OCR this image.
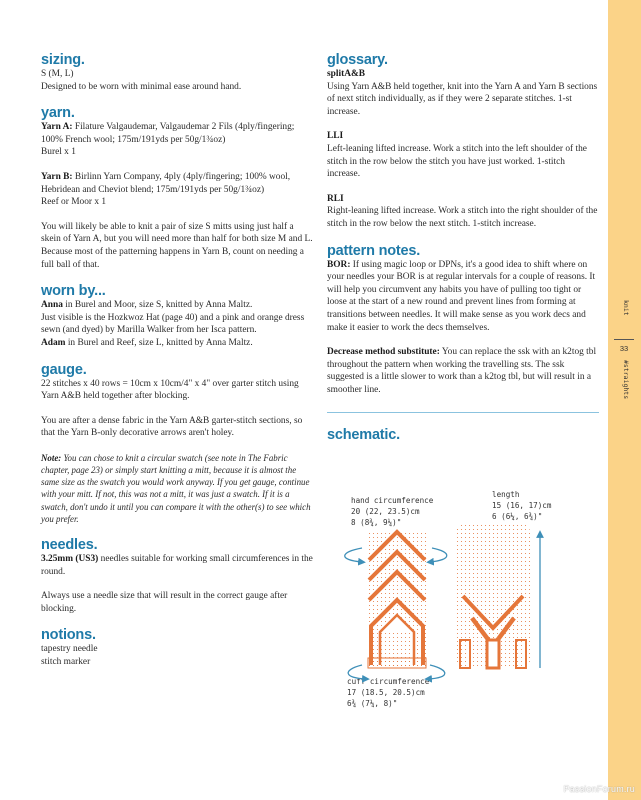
sizing.

S (M, L)

Designed to be worn with minimal ease around hand.

yarn.

Yarn A: Filature Valgaudemar, Valgaudemar 2 Fils (4ply/fingering; 100% French wool; 175m/191yds per 50g/1¾oz)

Burel x 1

Yarn B: Birlinn Yarn Company, 4ply (4ply/fingering; 100% wool, Hebridean and Cheviot blend; 175m/191yds per 50g/1¾oz)

Reef or Moor x 1

You will likely be able to knit a pair of size S mitts using just half a skein of Yarn A, but you will need more than half for both size M and L. Because most of the patterning happens in Yarn B, count on needing a full ball of that.

worn by...

Anna in Burel and Moor, size S, knitted by Anna Maltz.

Just visible is the Hozkwoz Hat (page 40) and a pink and orange dress sewn (and dyed) by Marilla Walker from her Isca pattern.

Adam in Burel and Reef, size L, knitted by Anna Maltz.

gauge.

22 stitches x 40 rows = 10cm x 10cm/4" x 4" over garter stitch using Yarn A&B held together after blocking.

You are after a dense fabric in the Yarn A&B garter-stitch sections, so that the Yarn B-only decorative arrows aren't holey.

Note: You can chose to knit a circular swatch (see note in The Fabric chapter, page 23) or simply start knitting a mitt, because it is almost the same size as the swatch you would work anyway. If you get gauge, continue with your mitt. If not, this was not a mitt, it was just a swatch. If it is a swatch, don't undo it until you can compare it with the other(s) to see which you prefer.

needles.

3.25mm (US3) needles suitable for working small circumferences in the round.

Always use a needle size that will result in the correct gauge after blocking.

notions.

tapestry needle

stitch marker

glossary.

splitA&B

Using Yarn A&B held together, knit into the Yarn A and Yarn B sections of next stitch individually, as if they were 2 separate stitches. 1-st increase.

LLI

Left-leaning lifted increase. Work a stitch into the left shoulder of the stitch in the row below the stitch you have just worked. 1-stitch increase.

RLI

Right-leaning lifted increase. Work a stitch into the right shoulder of the stitch in the row below the next stitch. 1-stitch increase.

pattern notes.

BOR: If using magic loop or DPNs, it's a good idea to shift where on your needles your BOR is at regular intervals for a couple of reasons. It will help you circumvent any habits you have of pulling too tight or loose at the start of a new round and prevent lines from forming at transitions between needles. It will make sense as you work decs and make it easier to work the decs themselves.

Decrease method substitute: You can replace the ssk with an k2tog tbl throughout the pattern when working the travelling sts. The ssk suggested is a little slower to work than a k2tog tbl, but will result in a smoother line.

schematic.
hand circumference
20 (22, 23.5)cm
8 (8¾, 9¼)"
length
15 (16, 17)cm
6 (6¼, 6¾)"
cuff circumference
17 (18.5, 20.5)cm
6¾ (7¼, 8)"
knit
33
#straights
PassionForum.ru
